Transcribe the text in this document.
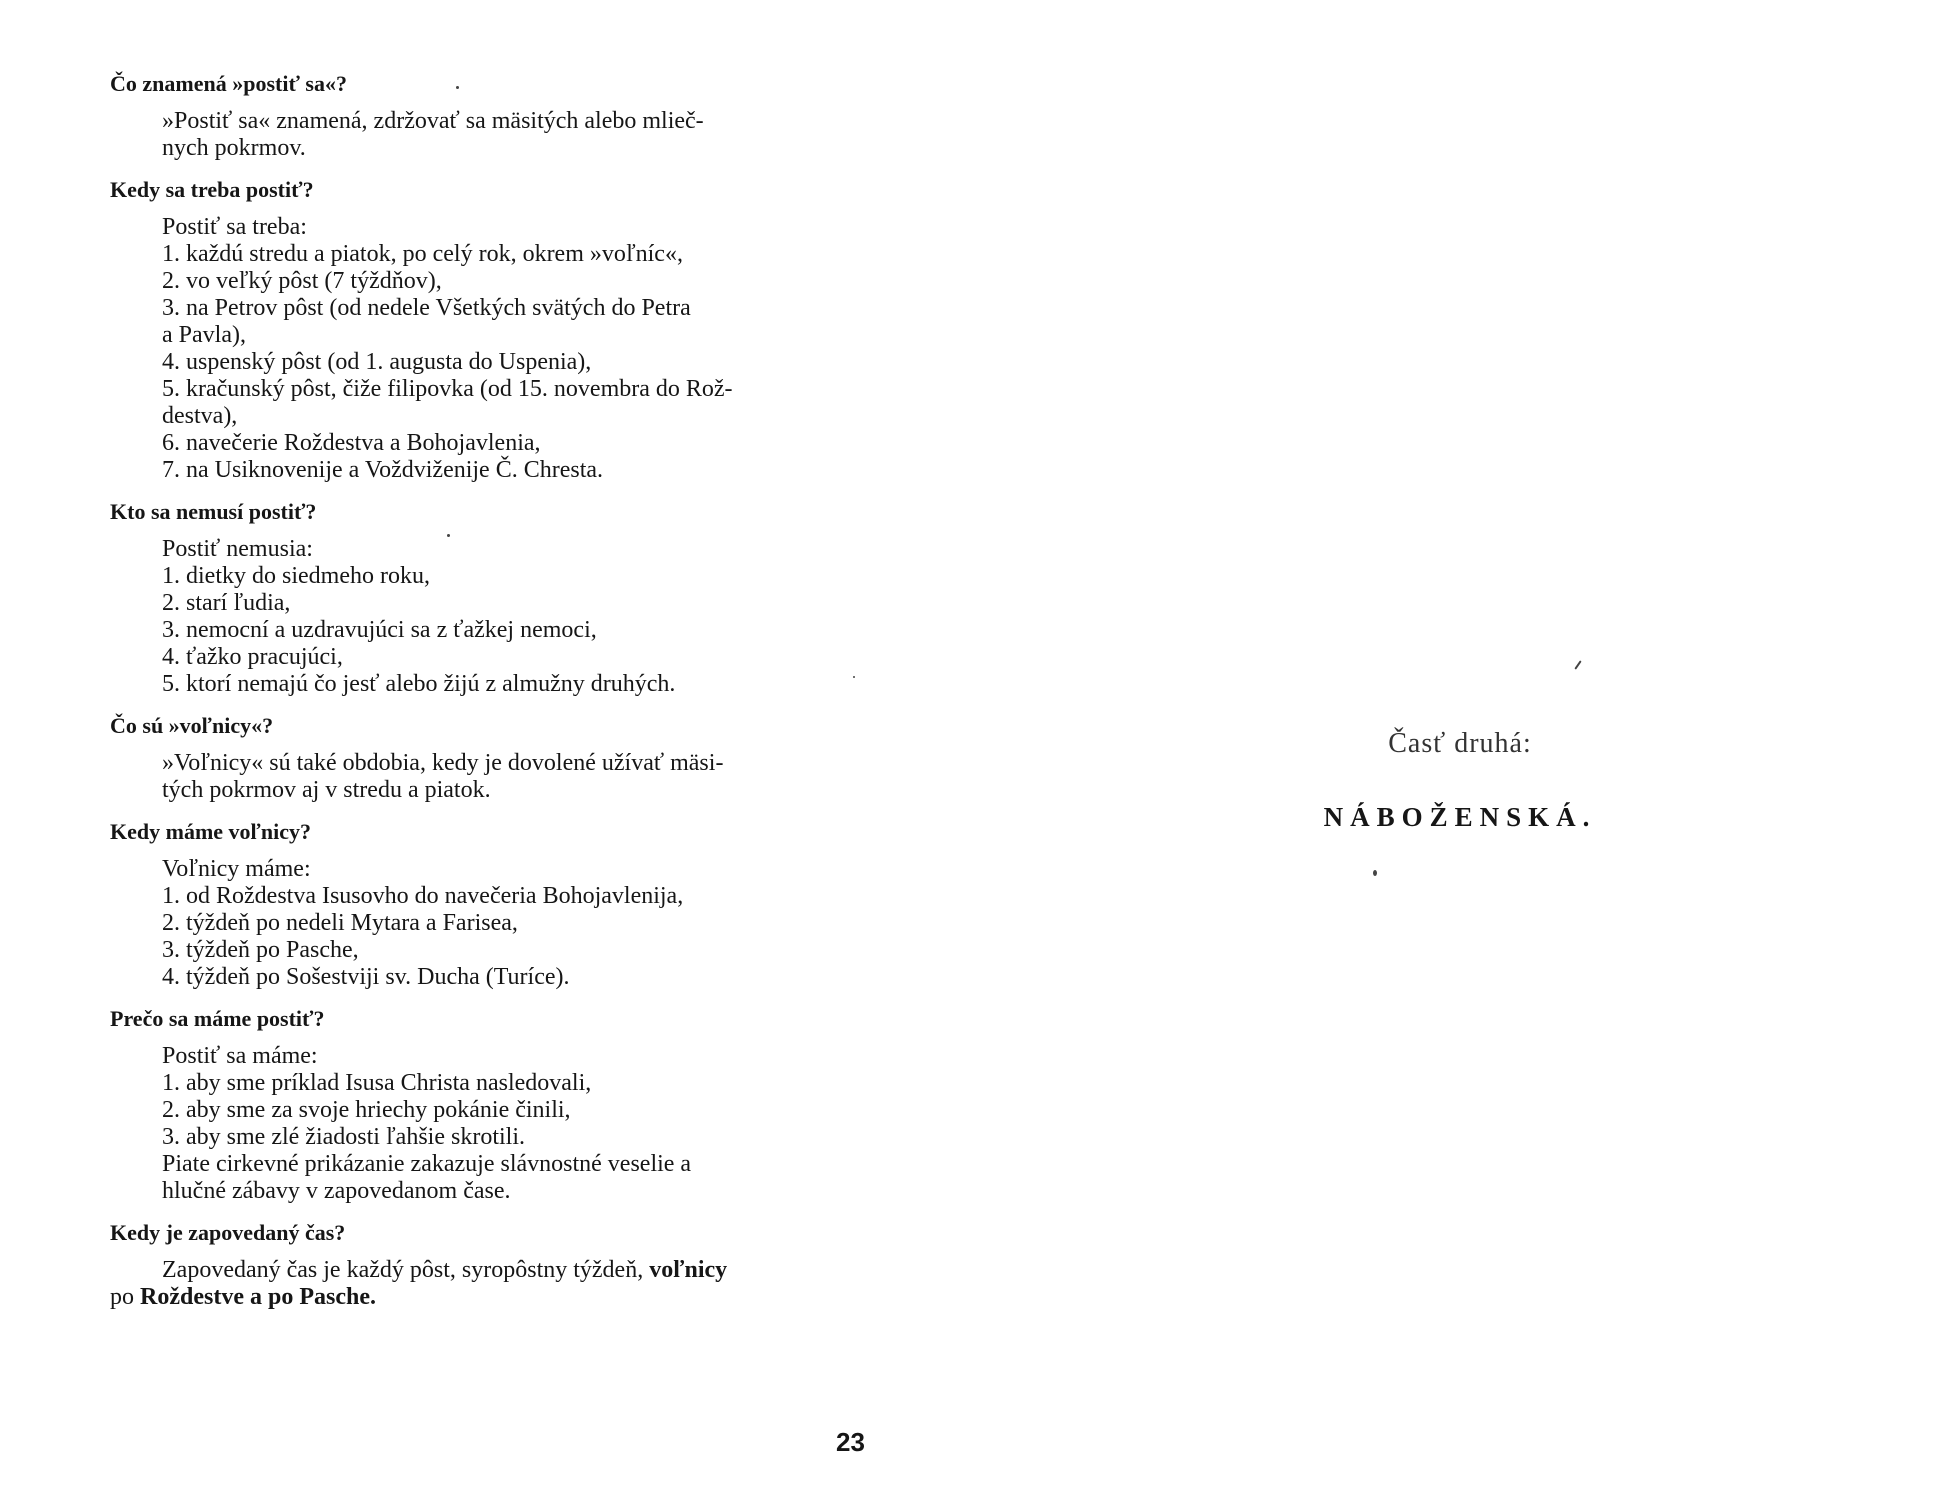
Čo znamená »postiť sa«?
»Postiť sa« znamená, zdržovať sa mäsitých alebo mlieč-
nych pokrmov.
Kedy sa treba postiť?
Postiť sa treba:
1. každú stredu a piatok, po celý rok, okrem »voľníc«,
2. vo veľký pôst (7 týždňov),
3. na Petrov pôst (od nedele Všetkých svätých do Petra
a Pavla),
4. uspenský pôst (od 1. augusta do Uspenia),
5. kračunský pôst, čiže filipovka (od 15. novembra do Rož-
destva),
6. navečerie Roždestva a Bohojavlenia,
7. na Usiknovenije a Voždviženije Č. Chresta.
Kto sa nemusí postiť?
Postiť nemusia:
1. dietky do siedmeho roku,
2. starí ľudia,
3. nemocní a uzdravujúci sa z ťažkej nemoci,
4. ťažko pracujúci,
5. ktorí nemajú čo jesť alebo žijú z almužny druhých.
Čo sú »voľnicy«?
»Voľnicy« sú také obdobia, kedy je dovolené užívať mäsi-
tých pokrmov aj v stredu a piatok.
Kedy máme voľnicy?
Voľnicy máme:
1. od Roždestva Isusovho do navečeria Bohojavlenija,
2. týždeň po nedeli Mytara a Farisea,
3. týždeň po Pasche,
4. týždeň po Sošestviji sv. Ducha (Turíce).
Prečo sa máme postiť?
Postiť sa máme:
1. aby sme príklad Isusa Christa nasledovali,
2. aby sme za svoje hriechy pokánie činili,
3. aby sme zlé žiadosti ľahšie skrotili.
Piate cirkevné prikázanie zakazuje slávnostné veselie a
hlučné zábavy v zapovedanom čase.
Kedy je zapovedaný čas?
Zapovedaný čas je každý pôst, syropôstny týždeň, voľnicy
po Roždestve a po Pasche.
23
Časť druhá:
NÁBOŽENSKÁ.
